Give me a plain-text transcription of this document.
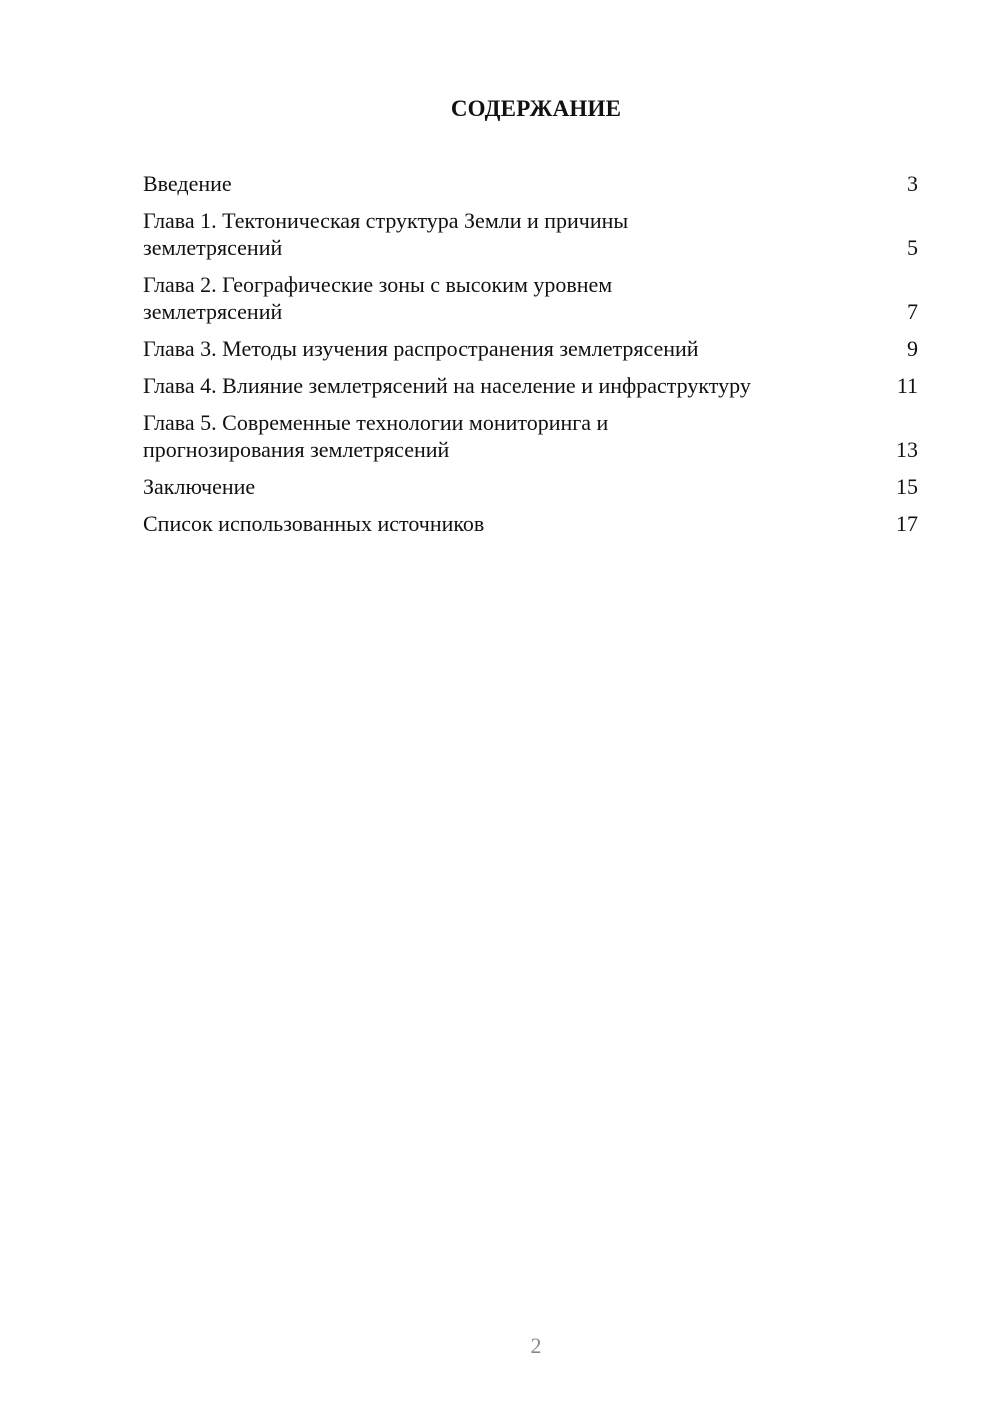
СОДЕРЖАНИЕ
Введение	3
Глава 1. Тектоническая структура Земли и причины землетрясений	5
Глава 2. Географические зоны с высоким уровнем землетрясений	7
Глава 3. Методы изучения распространения землетрясений	9
Глава 4. Влияние землетрясений на население и инфраструктуру	11
Глава 5. Современные технологии мониторинга и прогнозирования землетрясений	13
Заключение	15
Список использованных источников	17
2
